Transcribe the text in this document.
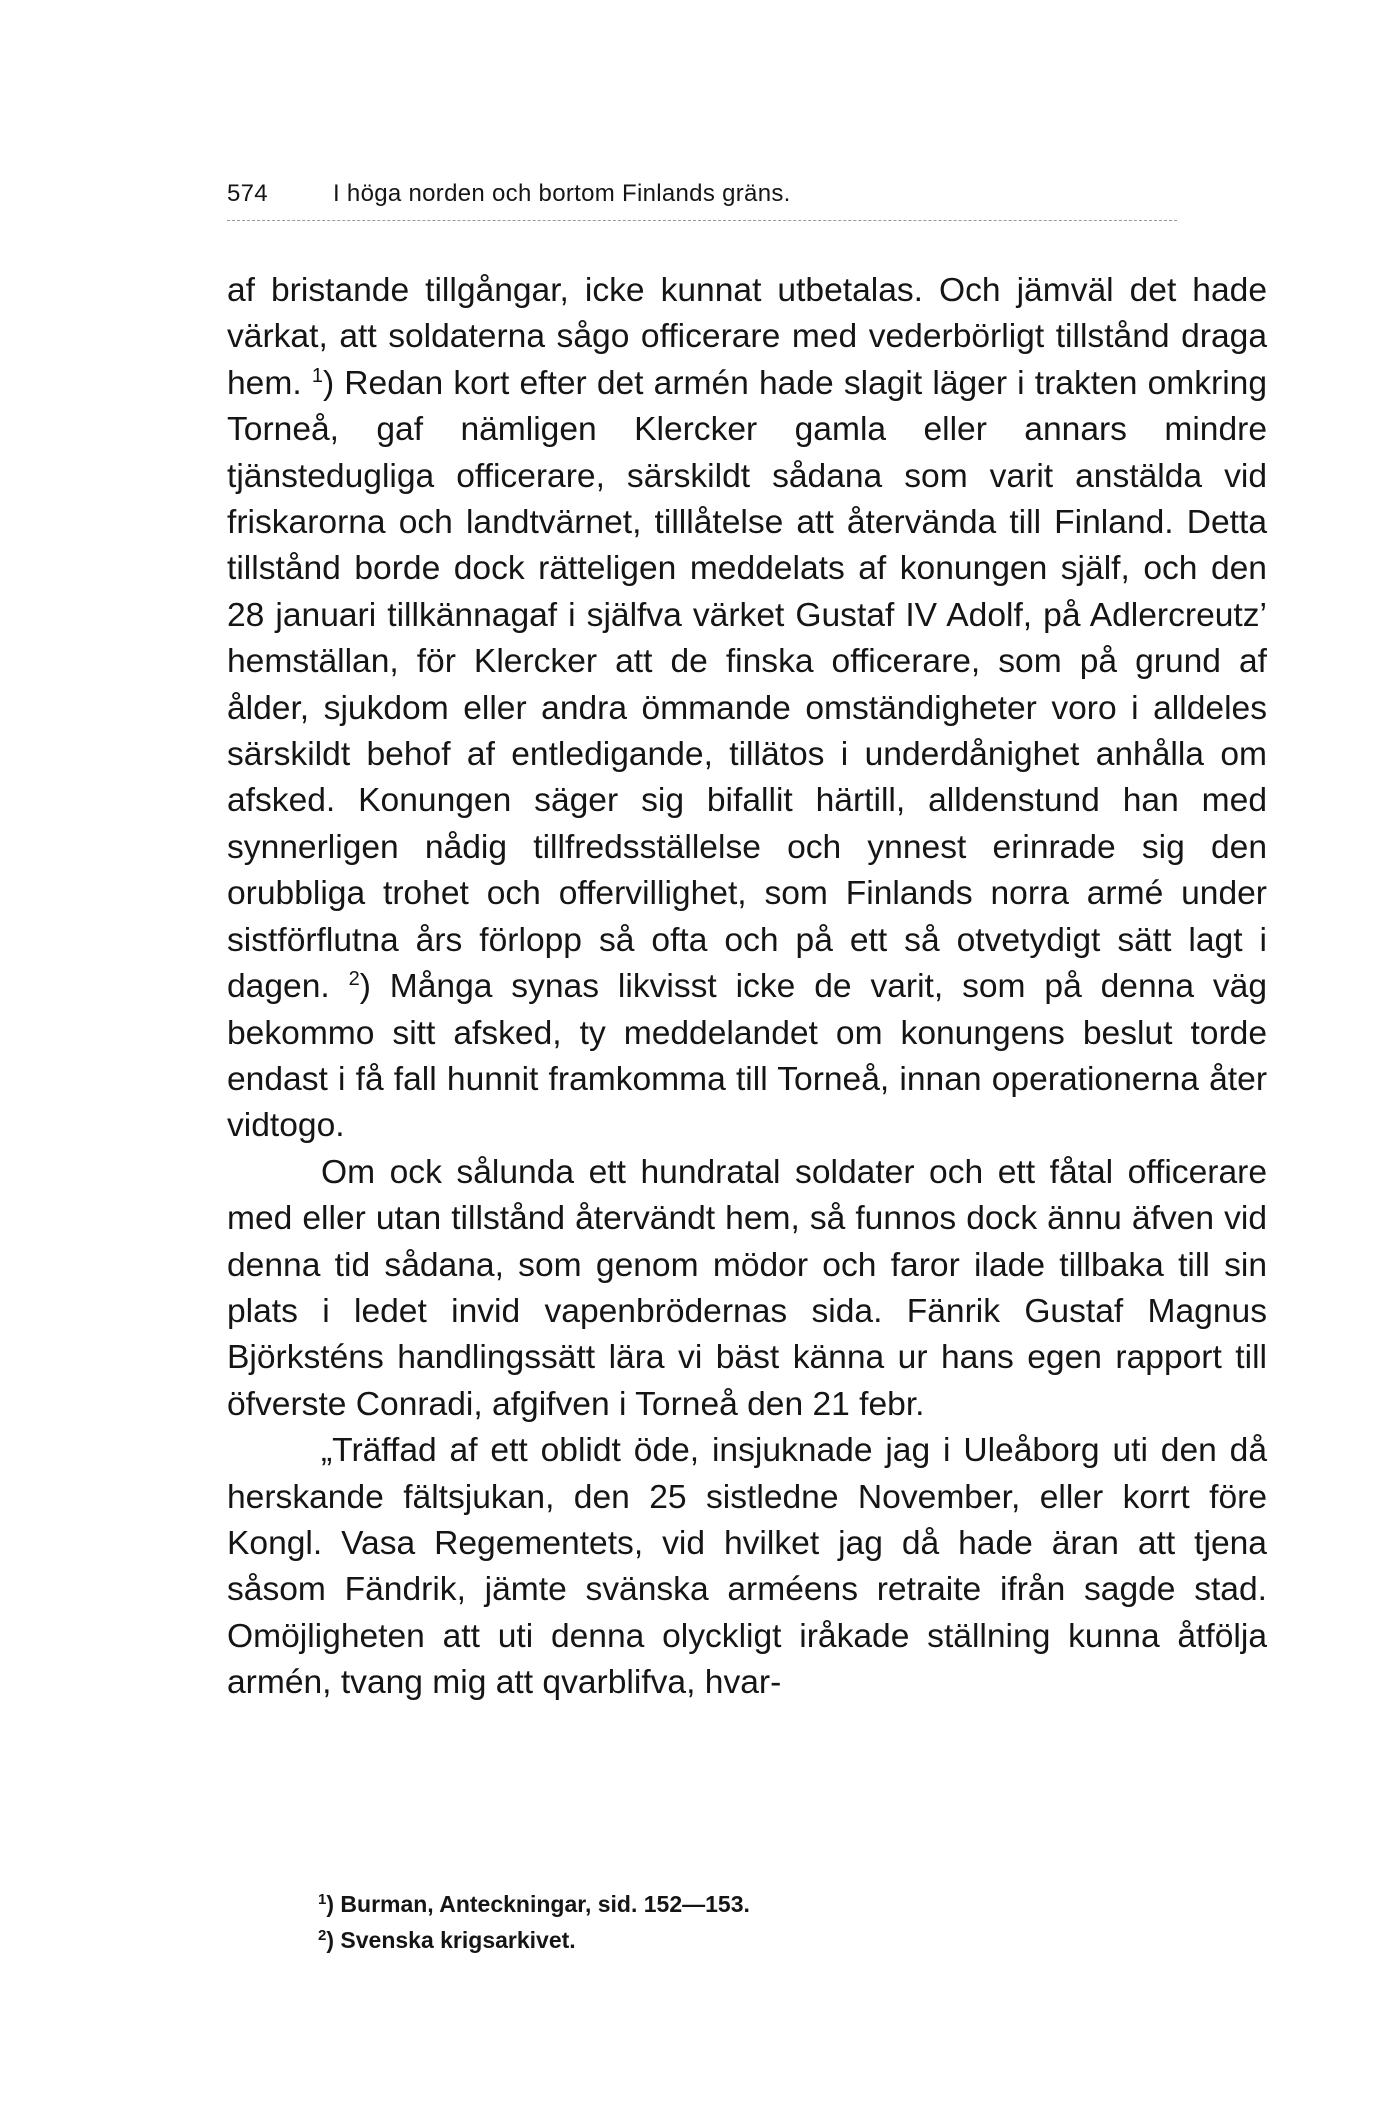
574	I höga norden och bortom Finlands gräns.

af bristande tillgångar, icke kunnat utbetalas. Och jämväl det hade värkat, att soldaterna sågo officerare med vederbörligt tillstånd draga hem. $^1$) Redan kort efter det armén hade slagit läger i trakten omkring Torneå, gaf nämligen Klercker gamla eller annars mindre tjänstedugliga officerare, särskildt sådana som varit anstälda vid friskarorna och landtvärnet, tilllåtelse att återvända till Finland. Detta tillstånd borde dock rätteligen meddelats af konungen själf, och den 28 januari tillkännagaf i själfva värket Gustaf IV Adolf, på Adlercreutz’ hemställan, för Klercker att de finska officerare, som på grund af ålder, sjukdom eller andra ömmande omständigheter voro i alldeles särskildt behof af entledigande, tillätos i underdånighet anhålla om afsked. Konungen säger sig bifallit härtill, alldenstund han med synnerligen nådig tillfredsställelse och ynnest erinrade sig den orubbliga trohet och offervillighet, som Finlands norra armé under sistförflutna års förlopp så ofta och på ett så otvetydigt sätt lagt i dagen. $^2$) Många synas likvisst icke de varit, som på denna väg bekommo sitt afsked, ty meddelandet om konungens beslut torde endast i få fall hunnit framkomma till Torneå, innan operationerna åter vidtogo.

Om ock sålunda ett hundratal soldater och ett fåtal officerare med eller utan tillstånd återvändt hem, så funnos dock ännu äfven vid denna tid sådana, som genom mödor och faror ilade tillbaka till sin plats i ledet invid vapenbrödernas sida. Fänrik Gustaf Magnus Björksténs handlingssätt lära vi bäst känna ur hans egen rapport till öfverste Conradi, afgifven i Torneå den 21 febr.

„Träffad af ett oblidt öde, insjuknade jag i Uleåborg uti den då herskande fältsjukan, den 25 sistledne November, eller korrt före Kongl. Vasa Regementets, vid hvilket jag då hade äran att tjena såsom Fändrik, jämte svänska arméens retraite ifrån sagde stad. Omöjligheten att uti denna olyckligt iråkade ställning kunna åtfölja armén, tvang mig att qvarblifva, hvar-

$^1$) Burman, Anteckningar, sid. 152—153.
$^2$) Svenska krigsarkivet.
